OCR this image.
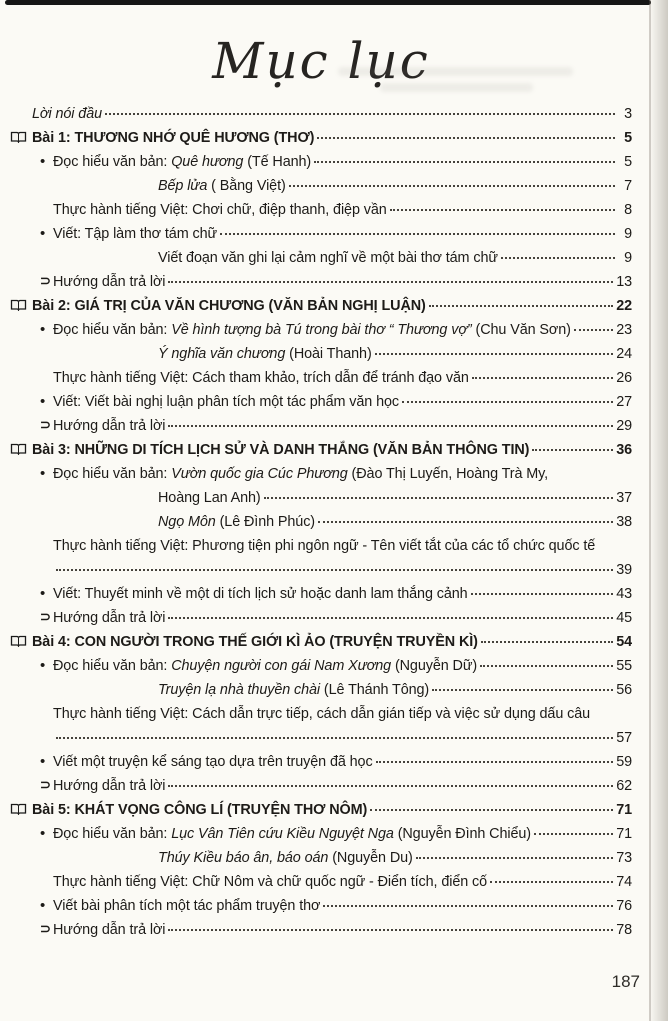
Mục lục
Lời nói đầu	3
Bài 1: THƯƠNG NHỚ QUÊ HƯƠNG (THƠ)	5
• Đọc hiểu văn bản: Quê hương (Tế Hanh)	5
Bếp lửa ( Bằng Việt)	7
Thực hành tiếng Việt: Chơi chữ, điệp thanh, điệp vần	8
• Viết: Tập làm thơ tám chữ	9
Viết đoạn văn ghi lại cảm nghĩ về một bài thơ tám chữ	9
⊃ Hướng dẫn trả lời	13
Bài 2: GIÁ TRỊ CỦA VĂN CHƯƠNG (VĂN BẢN NGHỊ LUẬN)	22
• Đọc hiểu văn bản: Về hình tượng bà Tú trong bài thơ “ Thương vợ” (Chu Văn Sơn)	23
Ý nghĩa văn chương (Hoài Thanh)	24
Thực hành tiếng Việt: Cách tham khảo, trích dẫn để tránh đạo văn	26
• Viết: Viết bài nghị luận phân tích một tác phẩm văn học	27
⊃ Hướng dẫn trả lời	29
Bài 3: NHỮNG DI TÍCH LỊCH SỬ VÀ DANH THẮNG (VĂN BẢN THÔNG TIN)	36
• Đọc hiểu văn bản: Vườn quốc gia Cúc Phương (Đào Thị Luyến, Hoàng Trà My,
Hoàng Lan Anh)	37
Ngọ Môn (Lê Đình Phúc)	38
Thực hành tiếng Việt: Phương tiện phi ngôn ngữ - Tên viết tắt của các tổ chức quốc tế
39
• Viết: Thuyết minh về một di tích lịch sử hoặc danh lam thắng cảnh	43
⊃ Hướng dẫn trả lời	45
Bài 4: CON NGƯỜI TRONG THẾ GIỚI KÌ ẢO (TRUYỆN TRUYỀN KÌ)	54
• Đọc hiểu văn bản: Chuyện người con gái Nam Xương (Nguyễn Dữ)	55
Truyện lạ nhà thuyền chài (Lê Thánh Tông)	56
Thực hành tiếng Việt: Cách dẫn trực tiếp, cách dẫn gián tiếp và việc sử dụng dấu câu
57
• Viết một truyện kể sáng tạo dựa trên truyện đã học	59
⊃ Hướng dẫn trả lời	62
Bài 5: KHÁT VỌNG CÔNG LÍ (TRUYỆN THƠ NÔM)	71
• Đọc hiểu văn bản: Lục Vân Tiên cứu Kiều Nguyệt Nga (Nguyễn Đình Chiểu)	71
Thúy Kiều báo ân, báo oán (Nguyễn Du)	73
Thực hành tiếng Việt: Chữ Nôm và chữ quốc ngữ - Điển tích, điển cố	74
• Viết bài phân tích một tác phẩm truyện thơ	76
⊃ Hướng dẫn trả lời	78
187
